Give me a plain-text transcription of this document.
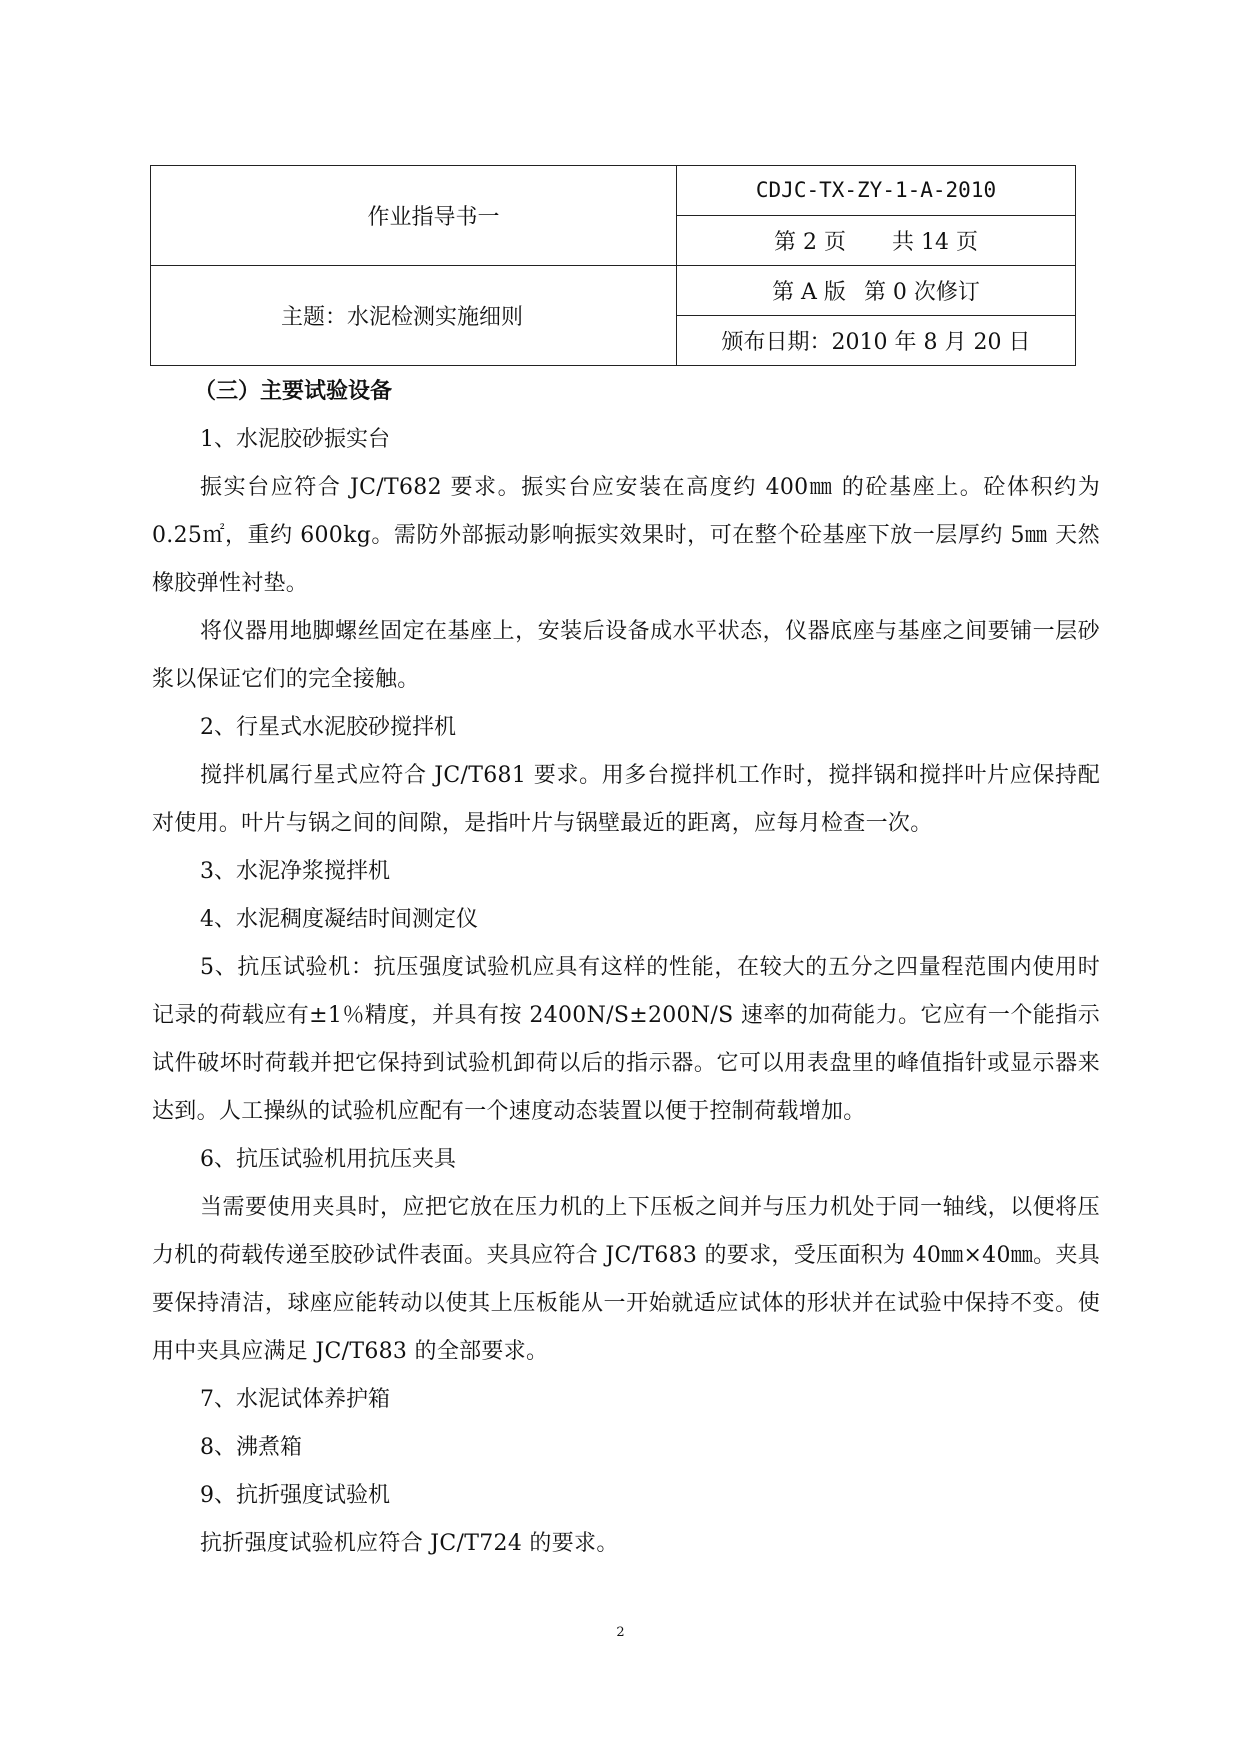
作业指导书一	CDJC-TX-ZY-1-A-2010
	第 2 页 共 14 页
主题：水泥检测实施细则	第 A 版 第 0 次修订
	颁布日期：2010 年 8 月 20 日

（三）主要试验设备

1、水泥胶砂振实台

振实台应符合 JC/T682 要求。振实台应安装在高度约 400㎜ 的砼基座上。砼体积约为 0.25㎡，重约 600kg。需防外部振动影响振实效果时，可在整个砼基座下放一层厚约 5㎜ 天然橡胶弹性衬垫。

将仪器用地脚螺丝固定在基座上，安装后设备成水平状态，仪器底座与基座之间要铺一层砂浆以保证它们的完全接触。

2、行星式水泥胶砂搅拌机

搅拌机属行星式应符合 JC/T681 要求。用多台搅拌机工作时，搅拌锅和搅拌叶片应保持配对使用。叶片与锅之间的间隙，是指叶片与锅壁最近的距离，应每月检查一次。

3、水泥净浆搅拌机

4、水泥稠度凝结时间测定仪

5、抗压试验机：抗压强度试验机应具有这样的性能，在较大的五分之四量程范围内使用时记录的荷载应有±1％精度，并具有按 2400N/S±200N/S 速率的加荷能力。它应有一个能指示试件破坏时荷载并把它保持到试验机卸荷以后的指示器。它可以用表盘里的峰值指针或显示器来达到。人工操纵的试验机应配有一个速度动态装置以便于控制荷载增加。

6、抗压试验机用抗压夹具

当需要使用夹具时，应把它放在压力机的上下压板之间并与压力机处于同一轴线，以便将压力机的荷载传递至胶砂试件表面。夹具应符合 JC/T683 的要求，受压面积为 40㎜×40㎜。夹具要保持清洁，球座应能转动以使其上压板能从一开始就适应试体的形状并在试验中保持不变。使用中夹具应满足 JC/T683 的全部要求。

7、水泥试体养护箱

8、沸煮箱

9、抗折强度试验机

抗折强度试验机应符合 JC/T724 的要求。

2
